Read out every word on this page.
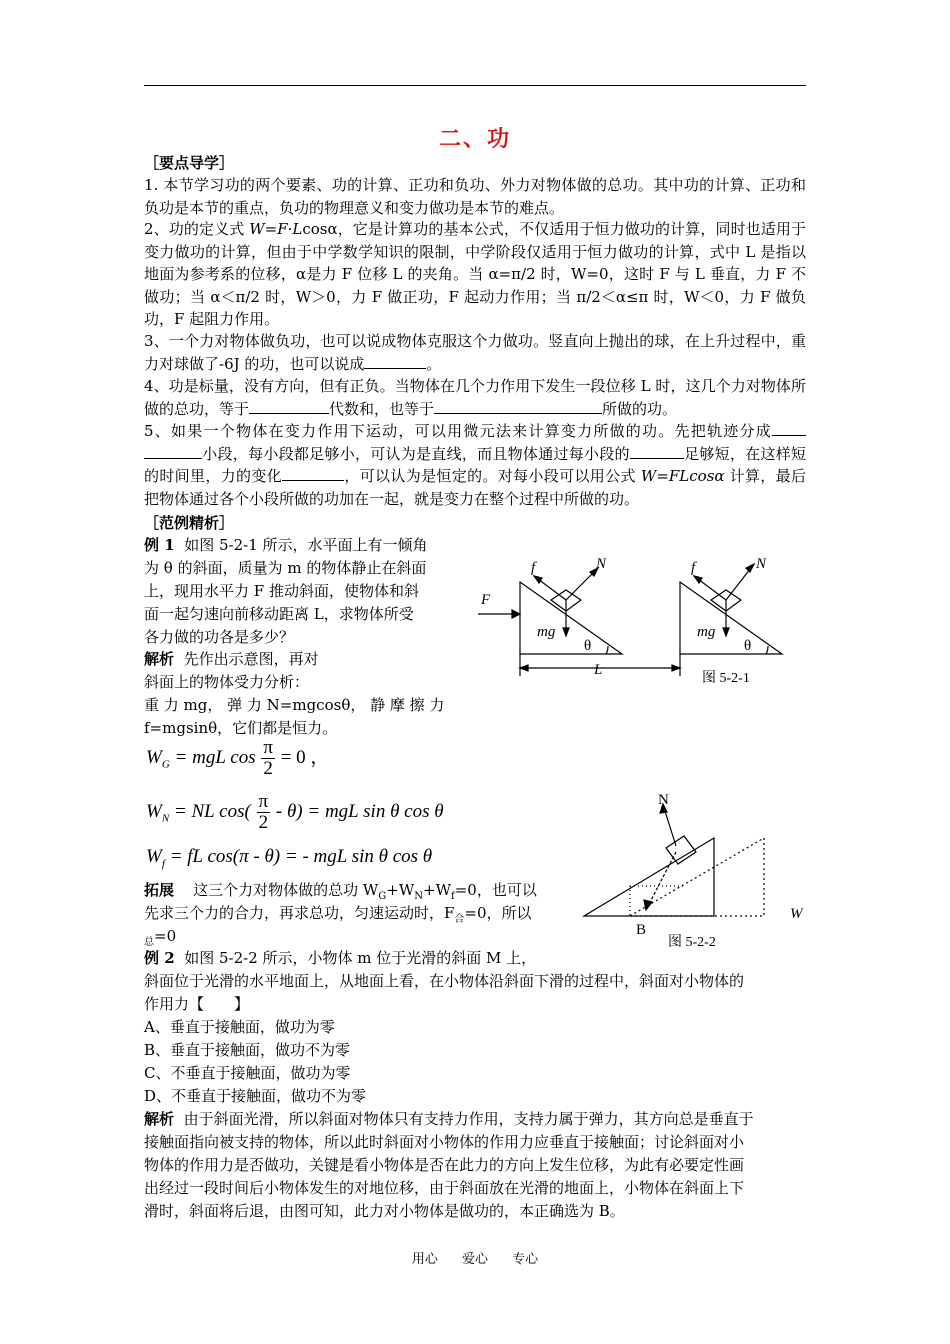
二、功
［要点导学］
1. 本节学习功的两个要素、功的计算、正功和负功、外力对物体做的总功。其中功的计算、正功和负功是本节的重点，负功的物理意义和变力做功是本节的难点。
2、功的定义式 W=F·Lcosα，它是计算功的基本公式，不仅适用于恒力做功的计算，同时也适用于变力做功的计算，但由于中学数学知识的限制，中学阶段仅适用于恒力做功的计算，式中 L 是指以地面为参考系的位移，α是力 F 位移 L 的夹角。当 α=π/2 时，W=0，这时 F 与 L 垂直，力 F 不做功；当 α＜π/2 时，W＞0，力 F 做正功，F 起动力作用；当 π/2＜α≤π 时，W＜0，力 F 做负功，F 起阻力作用。
3、一个力对物体做负功，也可以说成物体克服这个力做功。竖直向上抛出的球，在上升过程中，重力对球做了-6J 的功，也可以说成	。
4、功是标量，没有方向，但有正负。当物体在几个力作用下发生一段位移 L 时，这几个力对物体所做的总功，等于	代数和，也等于	所做的功。
5、如果一个物体在变力作用下运动，可以用微元法来计算变力所做的功。先把轨迹分成小段，每小段都足够小，可认为是直线，而且物体通过每小段的	足够短，在这样短的时间里，力的变化	，可以认为是恒定的。对每小段可以用公式 W=FLcosα 计算，最后把物体通过各个小段所做的功加在一起，就是变力在整个过程中所做的功。
［范例精析］
例 1 如图 5-2-1 所示，水平面上有一倾角
为 θ 的斜面，质量为 m 的物体静止在斜面
上，现用水平力 F 推动斜面，使物体和斜
面一起匀速向前移动距离 L，求物体所受
各力做的功各是多少？
解析 先作出示意图，再对
斜面上的物体受力分析：
重 力 mg， 弹 力 N=mgcosθ， 静 摩 擦 力
f=mgsinθ，它们都是恒力。
$W_G$ = mgL $\cos \frac{\pi}{2} = 0$ ，
$W_N$ = NL $\cos( \frac{\pi}{2} - \theta)$ = mgL sin θ cos θ
$W_f$ = fL cos(π - θ) = - mgL sin θ cos θ
拓展 这三个力对物体做的总功 $W_G+W_N+W_f=0$，也可以
先求三个力的合力，再求总功，匀速运动时，$F_合=0$，所以
$_总$=0
例 2 如图 5-2-2 所示，小物体 m 位于光滑的斜面 M 上，
斜面位于光滑的水平地面上，从地面上看，在小物体沿斜面下滑的过程中，斜面对小物体的
作用力【　　】
A、垂直于接触面，做功为零
B、垂直于接触面，做功不为零
C、不垂直于接触面，做功为零
D、不垂直于接触面，做功不为零
解析 由于斜面光滑，所以斜面对物体只有支持力作用，支持力属于弹力，其方向总是垂直于
接触面指向被支持的物体，所以此时斜面对小物体的作用力应垂直于接触面；讨论斜面对小
物体的作用力是否做功，关键是看小物体是否在此力的方向上发生位移，为此有必要定性画
出经过一段时间后小物体发生的对地位移，由于斜面放在光滑的地面上，小物体在斜面上下
滑时，斜面将后退，由图可知，此力对小物体是做功的，本正确选为 B。
f	N
mg
θ
F
L
f	N
mg
θ
图 5-2-1
N
B
W
图 5-2-2
用心 爱心 专心
